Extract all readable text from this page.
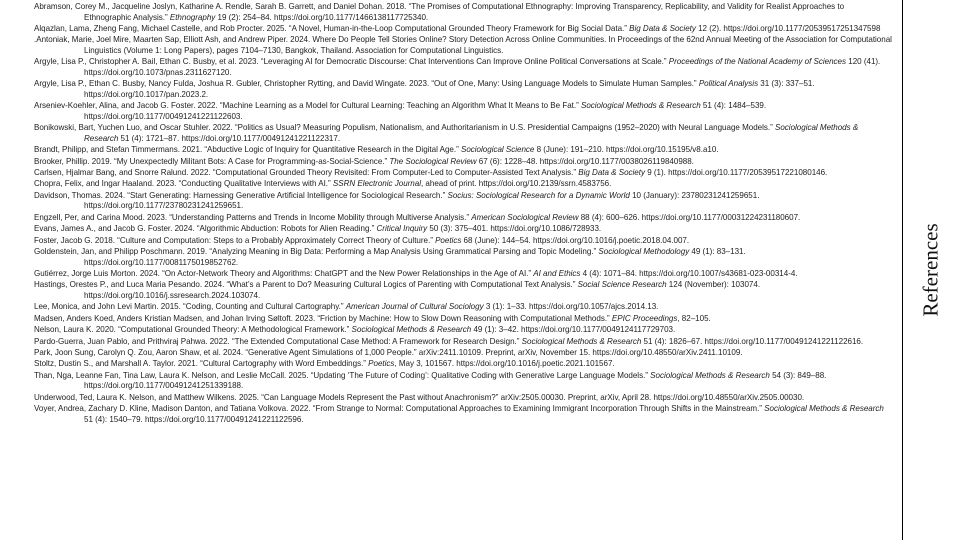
Abramson, Corey M., Jacqueline Joslyn, Katharine A. Rendle, Sarah B. Garrett, and Daniel Dohan. 2018. “The Promises of Computational Ethnography: Improving Transparency, Replicability, and Validity for Realist Approaches to Ethnographic Analysis.” Ethnography 19 (2): 254–84. https://doi.org/10.1177/1466138117725340.

Alqazlan, Lama, Zheng Fang, Michael Castelle, and Rob Procter. 2025. “A Novel, Human-in-the-Loop Computational Grounded Theory Framework for Big Social Data.” Big Data & Society 12 (2). https://doi.org/10.1177/20539517251347598

.Antoniak, Marie, Joel Mire, Maarten Sap, Elliott Ash, and Andrew Piper. 2024. Where Do People Tell Stories Online? Story Detection Across Online Communities. In Proceedings of the 62nd Annual Meeting of the Association for Computational Linguistics (Volume 1: Long Papers), pages 7104–7130, Bangkok, Thailand. Association for Computational Linguistics.

Argyle, Lisa P., Christopher A. Bail, Ethan C. Busby, et al. 2023. “Leveraging AI for Democratic Discourse: Chat Interventions Can Improve Online Political Conversations at Scale.” Proceedings of the National Academy of Sciences 120 (41). https://doi.org/10.1073/pnas.2311627120.

Argyle, Lisa P., Ethan C. Busby, Nancy Fulda, Joshua R. Gubler, Christopher Rytting, and David Wingate. 2023. “Out of One, Many: Using Language Models to Simulate Human Samples.” Political Analysis 31 (3): 337–51. https://doi.org/10.1017/pan.2023.2.

Arseniev-Koehler, Alina, and Jacob G. Foster. 2022. “Machine Learning as a Model for Cultural Learning: Teaching an Algorithm What It Means to Be Fat.” Sociological Methods & Research 51 (4): 1484–539. https://doi.org/10.1177/00491241221122603.

Bonikowski, Bart, Yuchen Luo, and Oscar Stuhler. 2022. “Politics as Usual? Measuring Populism, Nationalism, and Authoritarianism in U.S. Presidential Campaigns (1952–2020) with Neural Language Models.” Sociological Methods & Research 51 (4): 1721–87. https://doi.org/10.1177/00491241221122317.

Brandt, Philipp, and Stefan Timmermans. 2021. “Abductive Logic of Inquiry for Quantitative Research in the Digital Age.” Sociological Science 8 (June): 191–210. https://doi.org/10.15195/v8.a10.

Brooker, Phillip. 2019. “My Unexpectedly Militant Bots: A Case for Programming-as-Social-Science.” The Sociological Review 67 (6): 1228–48. https://doi.org/10.1177/0038026119840988.

Carlsen, Hjalmar Bang, and Snorre Ralund. 2022. “Computational Grounded Theory Revisited: From Computer-Led to Computer-Assisted Text Analysis.” Big Data & Society 9 (1). https://doi.org/10.1177/20539517221080146.

Chopra, Felix, and Ingar Haaland. 2023. “Conducting Qualitative Interviews with AI.” SSRN Electronic Journal, ahead of print. https://doi.org/10.2139/ssrn.4583756.

Davidson, Thomas. 2024. “Start Generating: Harnessing Generative Artificial Intelligence for Sociological Research.” Socius: Sociological Research for a Dynamic World 10 (January): 23780231241259651. https://doi.org/10.1177/23780231241259651.

Engzell, Per, and Carina Mood. 2023. “Understanding Patterns and Trends in Income Mobility through Multiverse Analysis.” American Sociological Review 88 (4): 600–626. https://doi.org/10.1177/00031224231180607.

Evans, James A., and Jacob G. Foster. 2024. “Algorithmic Abduction: Robots for Alien Reading.” Critical Inquiry 50 (3): 375–401. https://doi.org/10.1086/728933.

Foster, Jacob G. 2018. “Culture and Computation: Steps to a Probably Approximately Correct Theory of Culture.” Poetics 68 (June): 144–54. https://doi.org/10.1016/j.poetic.2018.04.007.

Goldenstein, Jan, and Philipp Poschmann. 2019. “Analyzing Meaning in Big Data: Performing a Map Analysis Using Grammatical Parsing and Topic Modeling.” Sociological Methodology 49 (1): 83–131. https://doi.org/10.1177/0081175019852762.

Gutiérrez, Jorge Luis Morton. 2024. “On Actor-Network Theory and Algorithms: ChatGPT and the New Power Relationships in the Age of AI.” AI and Ethics 4 (4): 1071–84. https://doi.org/10.1007/s43681-023-00314-4.

Hastings, Orestes P., and Luca Maria Pesando. 2024. “What’s a Parent to Do? Measuring Cultural Logics of Parenting with Computational Text Analysis.” Social Science Research 124 (November): 103074. https://doi.org/10.1016/j.ssresearch.2024.103074.

Lee, Monica, and John Levi Martin. 2015. “Coding, Counting and Cultural Cartography.” American Journal of Cultural Sociology 3 (1): 1–33. https://doi.org/10.1057/ajcs.2014.13.

Madsen, Anders Koed, Anders Kristian Madsen, and Johan Irving Søltoft. 2023. “Friction by Machine: How to Slow Down Reasoning with Computational Methods.” EPIC Proceedings, 82–105.

Nelson, Laura K. 2020. “Computational Grounded Theory: A Methodological Framework.” Sociological Methods & Research 49 (1): 3–42. https://doi.org/10.1177/0049124117729703.

Pardo-Guerra, Juan Pablo, and Prithviraj Pahwa. 2022. “The Extended Computational Case Method: A Framework for Research Design.” Sociological Methods & Research 51 (4): 1826–67. https://doi.org/10.1177/00491241221122616.

Park, Joon Sung, Carolyn Q. Zou, Aaron Shaw, et al. 2024. “Generative Agent Simulations of 1,000 People.” arXiv:2411.10109. Preprint, arXiv, November 15. https://doi.org/10.48550/arXiv.2411.10109.

Stoltz, Dustin S., and Marshall A. Taylor. 2021. “Cultural Cartography with Word Embeddings.” Poetics, May 3, 101567. https://doi.org/10.1016/j.poetic.2021.101567.

Than, Nga, Leanne Fan, Tina Law, Laura K. Nelson, and Leslie McCall. 2025. “Updating ‘The Future of Coding’: Qualitative Coding with Generative Large Language Models.” Sociological Methods & Research 54 (3): 849–88. https://doi.org/10.1177/00491241251339188.

Underwood, Ted, Laura K. Nelson, and Matthew Wilkens. 2025. “Can Language Models Represent the Past without Anachronism?” arXiv:2505.00030. Preprint, arXiv, April 28. https://doi.org/10.48550/arXiv.2505.00030.

Voyer, Andrea, Zachary D. Kline, Madison Danton, and Tatiana Volkova. 2022. “From Strange to Normal: Computational Approaches to Examining Immigrant Incorporation Through Shifts in the Mainstream.” Sociological Methods & Research 51 (4): 1540–79. https://doi.org/10.1177/00491241221122596.

References
